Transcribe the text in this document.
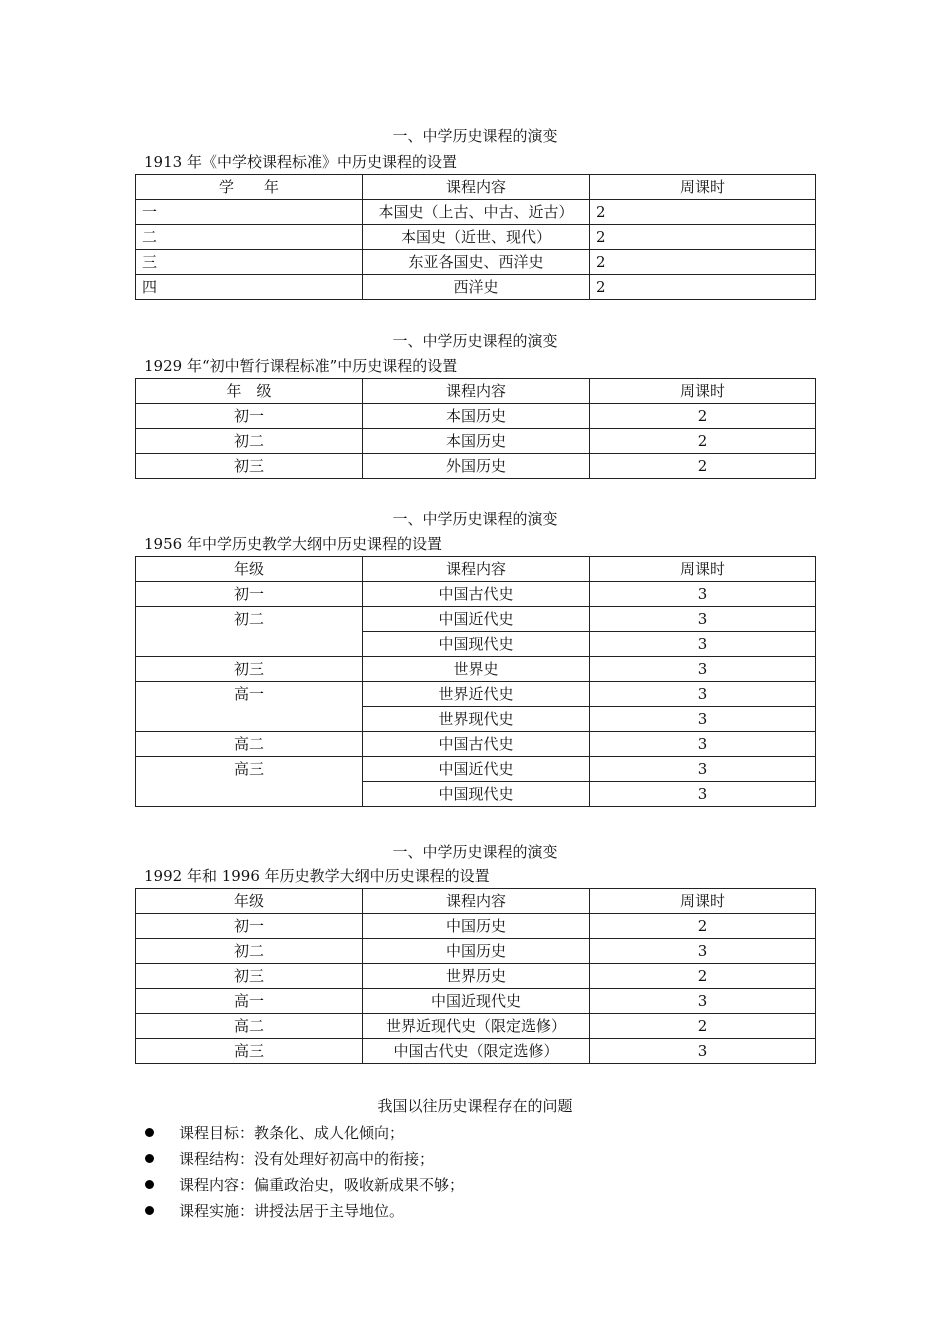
一、中学历史课程的演变
1913 年《中学校课程标准》中历史课程的设置
学　　年	课程内容	周课时
一	本国史（上古、中古、近古）	2
二	本国史（近世、现代）	2
三	东亚各国史、西洋史	2
四	西洋史	2
一、中学历史课程的演变
1929 年“初中暂行课程标准”中历史课程的设置
年　级	课程内容	周课时
初一	本国历史	2
初二	本国历史	2
初三	外国历史	2
一、中学历史课程的演变
1956 年中学历史教学大纲中历史课程的设置
年级	课程内容	周课时
初一	中国古代史	3
初二	中国近代史	3
	中国现代史	3
初三	世界史	3
高一	世界近代史	3
	世界现代史	3
高二	中国古代史	3
高三	中国近代史	3
	中国现代史	3
一、中学历史课程的演变
1992 年和 1996 年历史教学大纲中历史课程的设置
年级	课程内容	周课时
初一	中国历史	2
初二	中国历史	3
初三	世界历史	2
高一	中国近现代史	3
高二	世界近现代史（限定选修）	2
高三	中国古代史（限定选修）	3
我国以往历史课程存在的问题
课程目标：教条化、成人化倾向；
课程结构：没有处理好初高中的衔接；
课程内容：偏重政治史，吸收新成果不够；
课程实施：讲授法居于主导地位。
